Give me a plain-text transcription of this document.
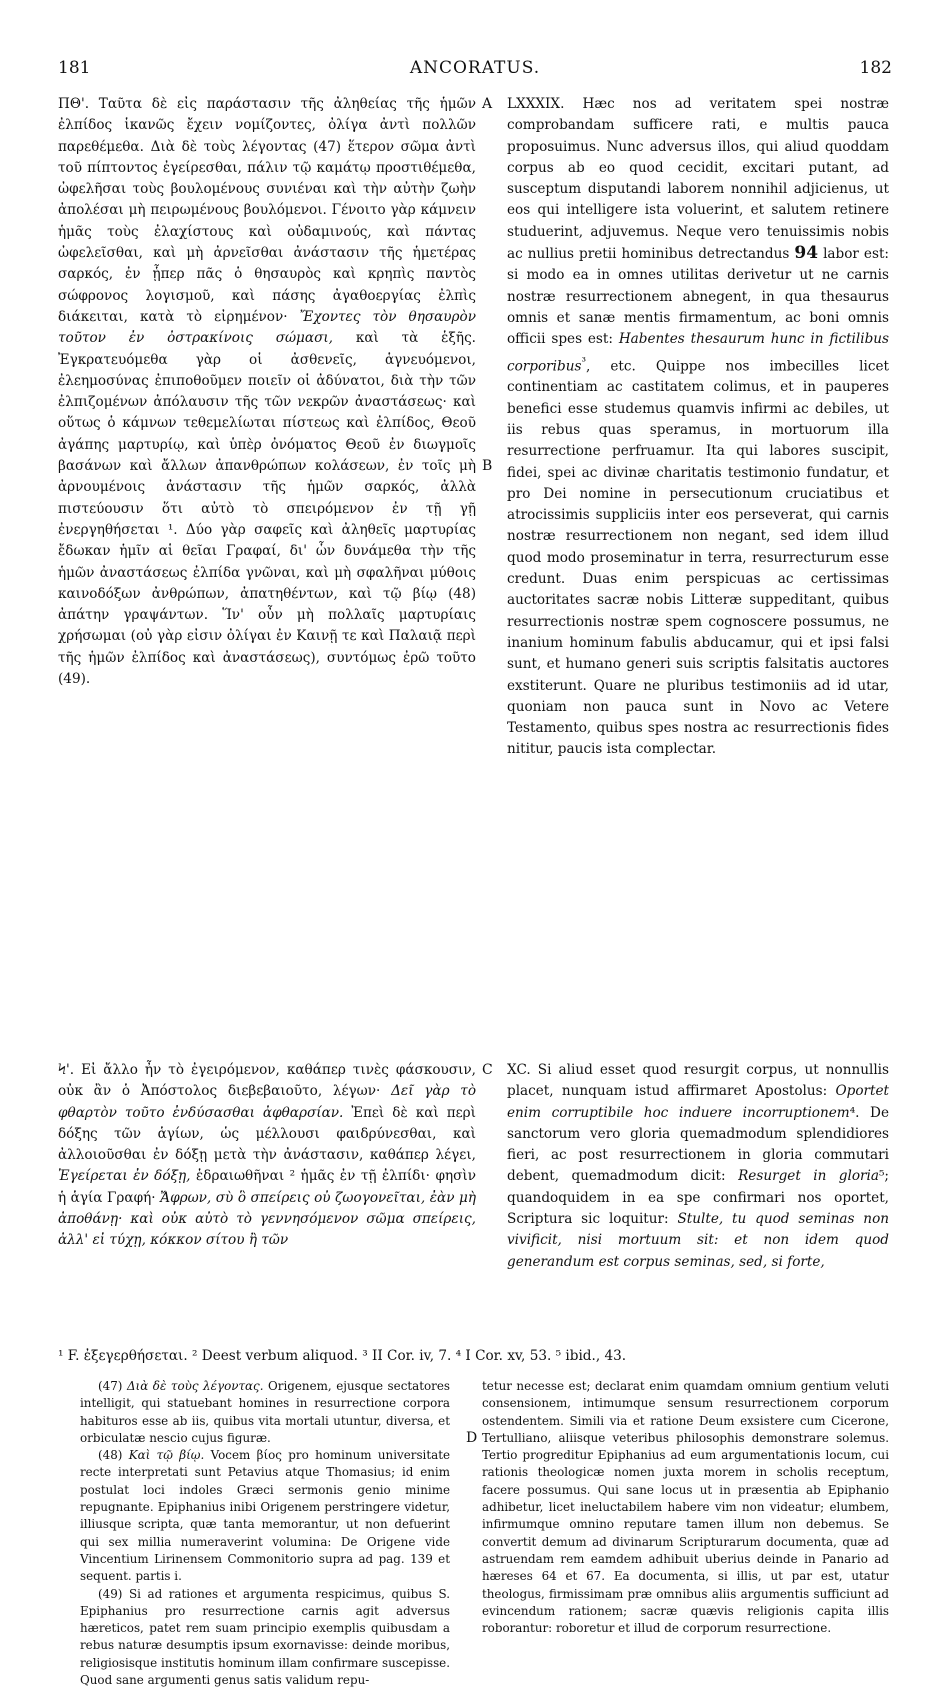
181	ANCORATUS.	182
A
B
C
D

ΠΘ'. Ταῦτα δὲ εἰς παράστασιν τῆς ἀληθείας τῆς ἡμῶν ἐλπίδος ἱκανῶς ἔχειν νομίζοντες, ὀλίγα ἀντὶ πολλῶν παρεθέμεθα. Διὰ δὲ τοὺς λέγοντας (47) ἕτερον σῶμα ἀντὶ τοῦ πίπτοντος ἐγείρεσθαι, πάλιν τῷ καμάτῳ προστιθέμεθα, ὠφελῆσαι τοὺς βουλομένους συνιέναι καὶ τὴν αὐτὴν ζωὴν ἀπολέσαι μὴ πειρωμένους βουλόμενοι. Γένοιτο γὰρ κάμνειν ἡμᾶς τοὺς ἐλαχίστους καὶ οὐδαμινούς, καὶ πάντας ὠφελεῖσθαι, καὶ μὴ ἀρνεῖσθαι ἀνάστασιν τῆς ἡμετέρας σαρκός, ἐν ᾗπερ πᾶς ὁ θησαυρὸς καὶ κρηπὶς παντὸς σώφρονος λογισμοῦ, καὶ πάσης ἀγαθοεργίας ἐλπὶς διάκειται, κατὰ τὸ εἰρημένον· Ἔχοντες τὸν θησαυρὸν τοῦτον ἐν ὀστρακίνοις σώμασι, καὶ τὰ ἑξῆς. Ἐγκρατευόμεθα γὰρ οἱ ἀσθενεῖς, ἁγνευόμενοι, ἐλεημοσύνας ἐπιποθοῦμεν ποιεῖν οἱ ἀδύνατοι, διὰ τὴν τῶν ἐλπιζομένων ἀπόλαυσιν τῆς τῶν νεκρῶν ἀναστάσεως· καὶ οὕτως ὁ κάμνων τεθεμελίωται πίστεως καὶ ἐλπίδος, Θεοῦ ἀγάπης μαρτυρίῳ, καὶ ὑπὲρ ὀνόματος Θεοῦ ἐν διωγμοῖς βασάνων καὶ ἄλλων ἀπανθρώπων κολάσεων, ἐν τοῖς μὴ ἀρνουμένοις ἀνάστασιν τῆς ἡμῶν σαρκός, ἀλλὰ πιστεύουσιν ὅτι αὐτὸ τὸ σπειρόμενον ἐν τῇ γῇ ἐνεργηθήσεται ¹. Δύο γὰρ σαφεῖς καὶ ἀληθεῖς μαρτυρίας ἔδωκαν ἡμῖν αἱ θεῖαι Γραφαί, δι' ὧν δυνάμεθα τὴν τῆς ἡμῶν ἀναστάσεως ἐλπίδα γνῶναι, καὶ μὴ σφαλῆναι μύθοις καινοδόξων ἀνθρώπων, ἀπατηθέντων, καὶ τῷ βίῳ (48) ἀπάτην γραψάντων. Ἵν' οὖν μὴ πολλαῖς μαρτυρίαις χρήσωμαι (οὐ γὰρ εἰσιν ὀλίγαι ἐν Καινῇ τε καὶ Παλαιᾷ περὶ τῆς ἡμῶν ἐλπίδος καὶ ἀναστάσεως), συντόμως ἐρῶ τοῦτο (49).

LXXXIX. Hæc nos ad veritatem spei nostræ comprobandam sufficere rati, e multis pauca proposuimus. Nunc adversus illos, qui aliud quoddam corpus ab eo quod cecidit, excitari putant, ad susceptum disputandi laborem nonnihil adjicienus, ut eos qui intelligere ista voluerint, et salutem retinere studuerint, adjuvemus. Neque vero tenuissimis nobis ac nullius pretii hominibus detrectandus 94 labor est: si modo ea in omnes utilitas derivetur ut ne carnis nostræ resurrectionem abnegent, in qua thesaurus omnis et sanæ mentis firmamentum, ac boni omnis officii spes est: Habentes thesaurum hunc in fictilibus corporibus$^{^3}$, etc. Quippe nos imbecilles licet continentiam ac castitatem colimus, et in pauperes benefici esse studemus quamvis infirmi ac debiles, ut iis rebus quas speramus, in mortuorum illa resurrectione perfruamur. Ita qui labores suscipit, fidei, spei ac divinæ charitatis testimonio fundatur, et pro Dei nomine in persecutionum cruciatibus et atrocissimis suppliciis inter eos perseverat, qui carnis nostræ resurrectionem non negant, sed idem illud quod modo proseminatur in terra, resurrecturum esse credunt. Duas enim perspicuas ac certissimas auctoritates sacræ nobis Litteræ suppeditant, quibus resurrectionis nostræ spem cognoscere possumus, ne inanium hominum fabulis abducamur, qui et ipsi falsi sunt, et humano generi suis scriptis falsitatis auctores exstiterunt. Quare ne pluribus testimoniis ad id utar, quoniam non pauca sunt in Novo ac Vetere Testamento, quibus spes nostra ac resurrectionis fides nititur, paucis ista complectar.

Ϟ'. Εἰ ἄλλο ἦν τὸ ἐγειρόμενον, καθάπερ τινὲς φάσκουσιν, οὐκ ἂν ὁ Ἀπόστολος διεβεβαιοῦτο, λέγων· Δεῖ γὰρ τὸ φθαρτὸν τοῦτο ἐνδύσασθαι ἀφθαρσίαν. Ἐπεὶ δὲ καὶ περὶ δόξης τῶν ἁγίων, ὡς μέλλουσι φαιδρύνεσθαι, καὶ ἀλλοιοῦσθαι ἐν δόξῃ μετὰ τὴν ἀνάστασιν, καθάπερ λέγει, Ἐγείρεται ἐν δόξῃ, ἑδραιωθῆναι ² ἡμᾶς ἐν τῇ ἐλπίδι· φησὶν ἡ ἁγία Γραφή· Ἄφρων, σὺ ὃ σπείρεις οὐ ζωογονεῖται, ἐὰν μὴ ἀποθάνῃ· καὶ οὐκ αὐτὸ τὸ γεννησόμενον σῶμα σπείρεις, ἀλλ' εἰ τύχῃ, κόκκον σίτου ἢ τῶν

XC. Si aliud esset quod resurgit corpus, ut nonnullis placet, nunquam istud affirmaret Apostolus: Oportet enim corruptibile hoc induere incorruptionem⁴. De sanctorum vero gloria quemadmodum splendidiores fieri, ac post resurrectionem in gloria commutari debent, quemadmodum dicit: Resurget in gloria⁵; quandoquidem in ea spe confirmari nos oportet, Scriptura sic loquitur: Stulte, tu quod seminas non vivificit, nisi mortuum sit: et non idem quod generandum est corpus seminas, sed, si forte,

¹ F. ἐξεγερθήσεται. ² Deest verbum aliquod. ³ II Cor. iv, 7. ⁴ I Cor. xv, 53. ⁵ ibid., 43.

(47) Διὰ δὲ τοὺς λέγοντας. Origenem, ejusque sectatores intelligit, qui statuebant homines in resurrectione corpora habituros esse ab iis, quibus vita mortali utuntur, diversa, et orbiculatæ nescio cujus figuræ.

(48) Καὶ τῷ βίῳ. Vocem βίος pro hominum universitate recte interpretati sunt Petavius atque Thomasius; id enim postulat loci indoles Græci sermonis genio minime repugnante. Epiphanius inibi Origenem perstringere videtur, illiusque scripta, quæ tanta memorantur, ut non defuerint qui sex millia numeraverint volumina: De Origene vide Vincentium Lirinensem Commonitorio supra ad pag. 139 et sequent. partis i.

(49) Si ad rationes et argumenta respicimus, quibus S. Epiphanius pro resurrectione carnis agit adversus hæreticos, patet rem suam principio exemplis quibusdam a rebus naturæ desumptis ipsum exornavisse: deinde moribus, religiosisque institutis hominum illam confirmare suscepisse. Quod sane argumenti genus satis validum repu-

tetur necesse est; declarat enim quamdam omnium gentium veluti consensionem, intimumque sensum resurrectionem corporum ostendentem. Simili via et ratione Deum exsistere cum Cicerone, Tertulliano, aliisque veteribus philosophis demonstrare solemus. Tertio progreditur Epiphanius ad eum argumentationis locum, cui rationis theologicæ nomen juxta morem in scholis receptum, facere possumus. Qui sane locus ut in præsentia ab Epiphanio adhibetur, licet ineluctabilem habere vim non videatur; elumbem, infirmumque omnino reputare tamen illum non debemus. Se convertit demum ad divinarum Scripturarum documenta, quæ ad astruendam rem eamdem adhibuit uberius deinde in Panario ad hæreses 64 et 67. Ea documenta, si illis, ut par est, utatur theologus, firmissimam præ omnibus aliis argumentis sufficiunt ad evincendum rationem; sacræ quævis religionis capita illis roborantur: roboretur et illud de corporum resurrectione.
